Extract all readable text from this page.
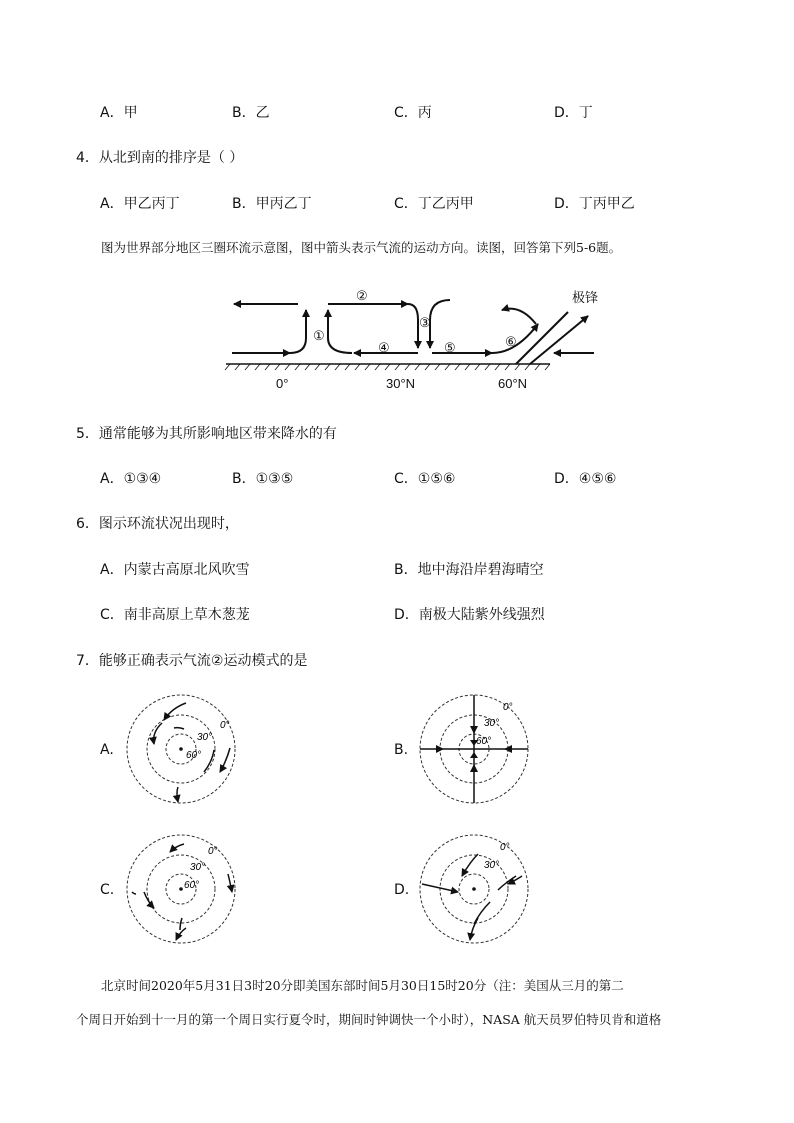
A．甲	B．乙	C．丙	D．丁
4．从北到南的排序是（ ）
A．甲乙丙丁	B．甲丙乙丁	C．丁乙丙甲	D．丁丙甲乙
图为世界部分地区三圈环流示意图，图中箭头表示气流的运动方向。读图，回答第下列5-6题。
①
②
③
④	⑤	⑥
极锋
0°	30°N	60°N
5．通常能够为其所影响地区带来降水的有
A．①③④	B．①③⑤	C．①⑤⑥	D．④⑤⑥
6．图示环流状况出现时，
A．内蒙古高原北风吹雪	B．地中海沿岸碧海晴空
C．南非高原上草木葱茏	D．南极大陆紫外线强烈
7．能够正确表示气流②运动模式的是
A.	B.
C.	D.
0°
30°
60°
0°
30°
60°
0°
30°
60°
0°
30°
北京时间2020年5月31日3时20分即美国东部时间5月30日15时20分（注：美国从三月的第二
个周日开始到十一月的第一个周日实行夏令时，期间时钟调快一个小时），NASA 航天员罗伯特贝肯和道格
